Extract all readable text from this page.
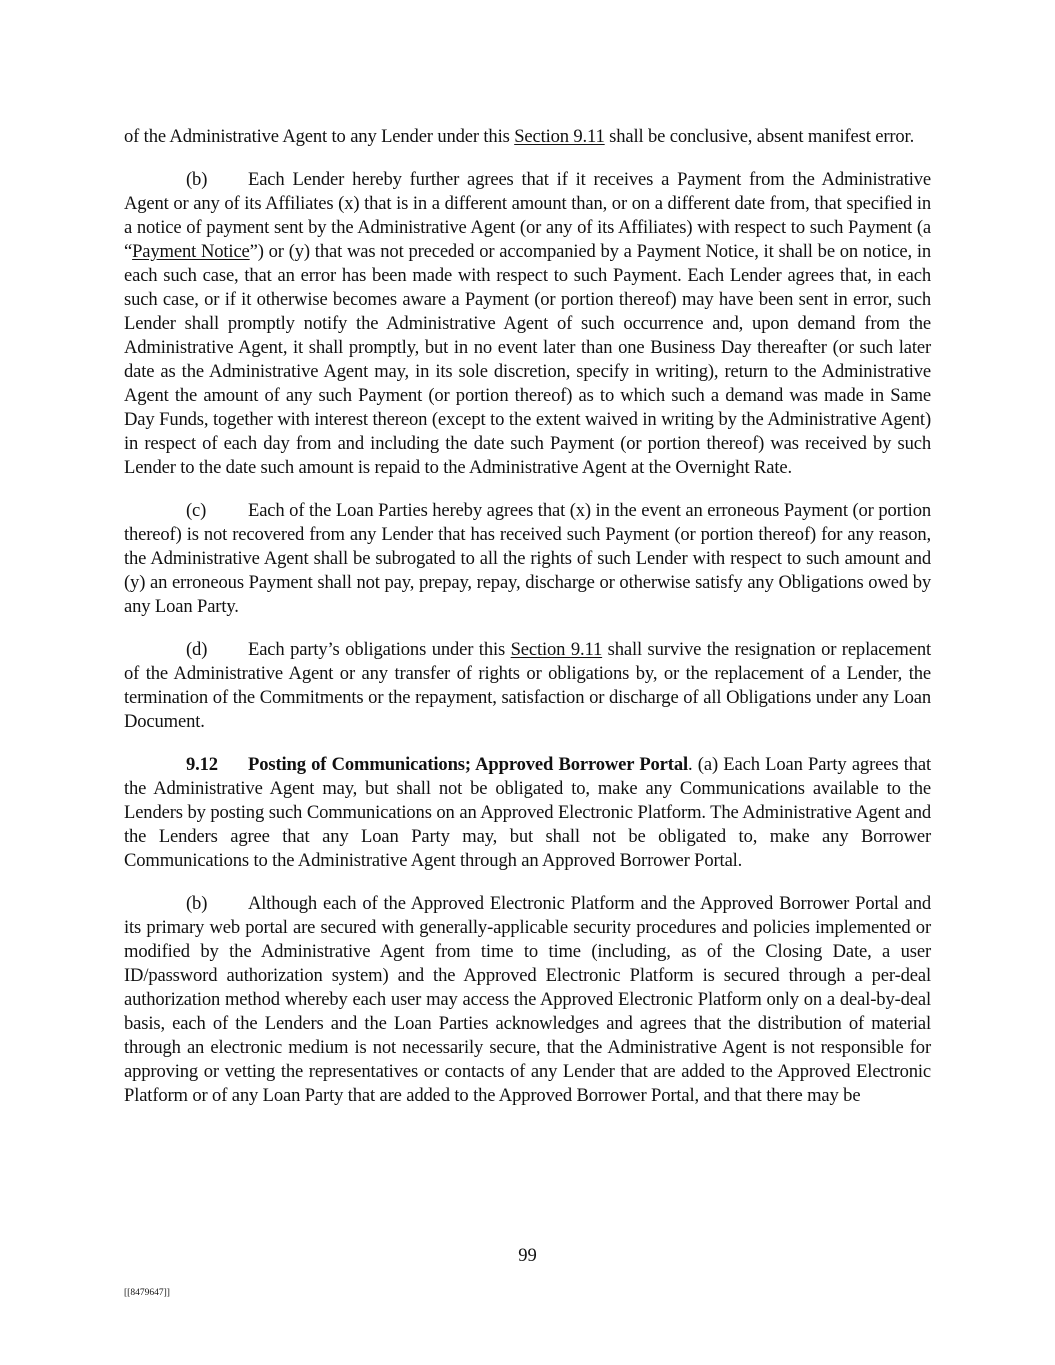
of the Administrative Agent to any Lender under this Section 9.11 shall be conclusive, absent manifest error.

(b) Each Lender hereby further agrees that if it receives a Payment from the Administrative Agent or any of its Affiliates (x) that is in a different amount than, or on a different date from, that specified in a notice of payment sent by the Administrative Agent (or any of its Affiliates) with respect to such Payment (a “Payment Notice”) or (y) that was not preceded or accompanied by a Payment Notice, it shall be on notice, in each such case, that an error has been made with respect to such Payment. Each Lender agrees that, in each such case, or if it otherwise becomes aware a Payment (or portion thereof) may have been sent in error, such Lender shall promptly notify the Administrative Agent of such occurrence and, upon demand from the Administrative Agent, it shall promptly, but in no event later than one Business Day thereafter (or such later date as the Administrative Agent may, in its sole discretion, specify in writing), return to the Administrative Agent the amount of any such Payment (or portion thereof) as to which such a demand was made in Same Day Funds, together with interest thereon (except to the extent waived in writing by the Administrative Agent) in respect of each day from and including the date such Payment (or portion thereof) was received by such Lender to the date such amount is repaid to the Administrative Agent at the Overnight Rate.

(c) Each of the Loan Parties hereby agrees that (x) in the event an erroneous Payment (or portion thereof) is not recovered from any Lender that has received such Payment (or portion thereof) for any reason, the Administrative Agent shall be subrogated to all the rights of such Lender with respect to such amount and (y) an erroneous Payment shall not pay, prepay, repay, discharge or otherwise satisfy any Obligations owed by any Loan Party.

(d) Each party’s obligations under this Section 9.11 shall survive the resignation or replacement of the Administrative Agent or any transfer of rights or obligations by, or the replacement of a Lender, the termination of the Commitments or the repayment, satisfaction or discharge of all Obligations under any Loan Document.

9.12 Posting of Communications; Approved Borrower Portal. (a) Each Loan Party agrees that the Administrative Agent may, but shall not be obligated to, make any Communications available to the Lenders by posting such Communications on an Approved Electronic Platform. The Administrative Agent and the Lenders agree that any Loan Party may, but shall not be obligated to, make any Borrower Communications to the Administrative Agent through an Approved Borrower Portal.

(b) Although each of the Approved Electronic Platform and the Approved Borrower Portal and its primary web portal are secured with generally-applicable security procedures and policies implemented or modified by the Administrative Agent from time to time (including, as of the Closing Date, a user ID/password authorization system) and the Approved Electronic Platform is secured through a per-deal authorization method whereby each user may access the Approved Electronic Platform only on a deal-by-deal basis, each of the Lenders and the Loan Parties acknowledges and agrees that the distribution of material through an electronic medium is not necessarily secure, that the Administrative Agent is not responsible for approving or vetting the representatives or contacts of any Lender that are added to the Approved Electronic Platform or of any Loan Party that are added to the Approved Borrower Portal, and that there may be

99
[[8479647]]
